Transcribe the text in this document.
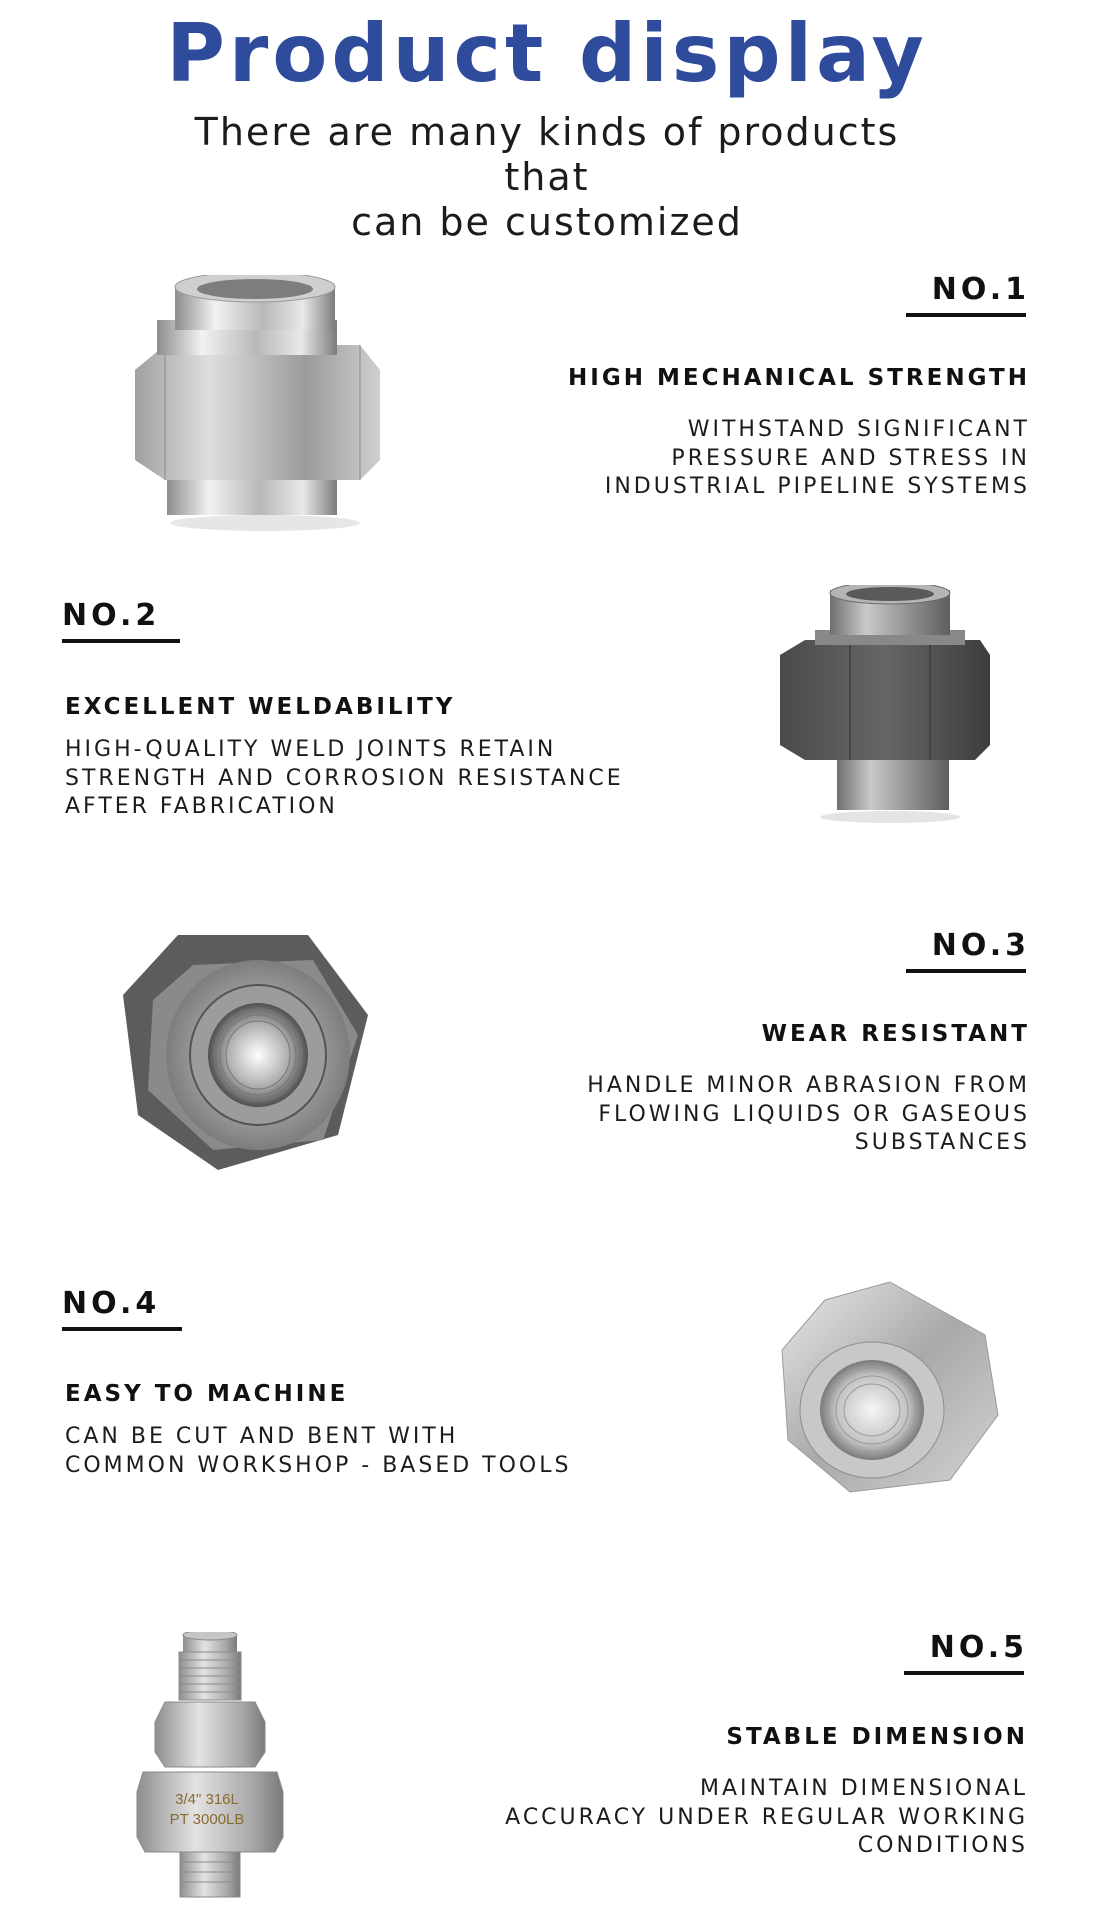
Product display
There are many kinds of products that
can be customized
NO.1
HIGH MECHANICAL STRENGTH
WITHSTAND SIGNIFICANT
PRESSURE AND STRESS IN
INDUSTRIAL PIPELINE SYSTEMS
NO.2
EXCELLENT WELDABILITY
HIGH-QUALITY WELD JOINTS RETAIN
STRENGTH AND CORROSION RESISTANCE
AFTER FABRICATION
NO.3
WEAR RESISTANT
HANDLE MINOR ABRASION FROM
FLOWING LIQUIDS OR GASEOUS
SUBSTANCES
NO.4
EASY TO MACHINE
CAN BE CUT AND BENT WITH
COMMON WORKSHOP - BASED TOOLS
3/4" 316L
PT 3000LB
NO.5
STABLE DIMENSION
MAINTAIN DIMENSIONAL
ACCURACY UNDER REGULAR WORKING
CONDITIONS
